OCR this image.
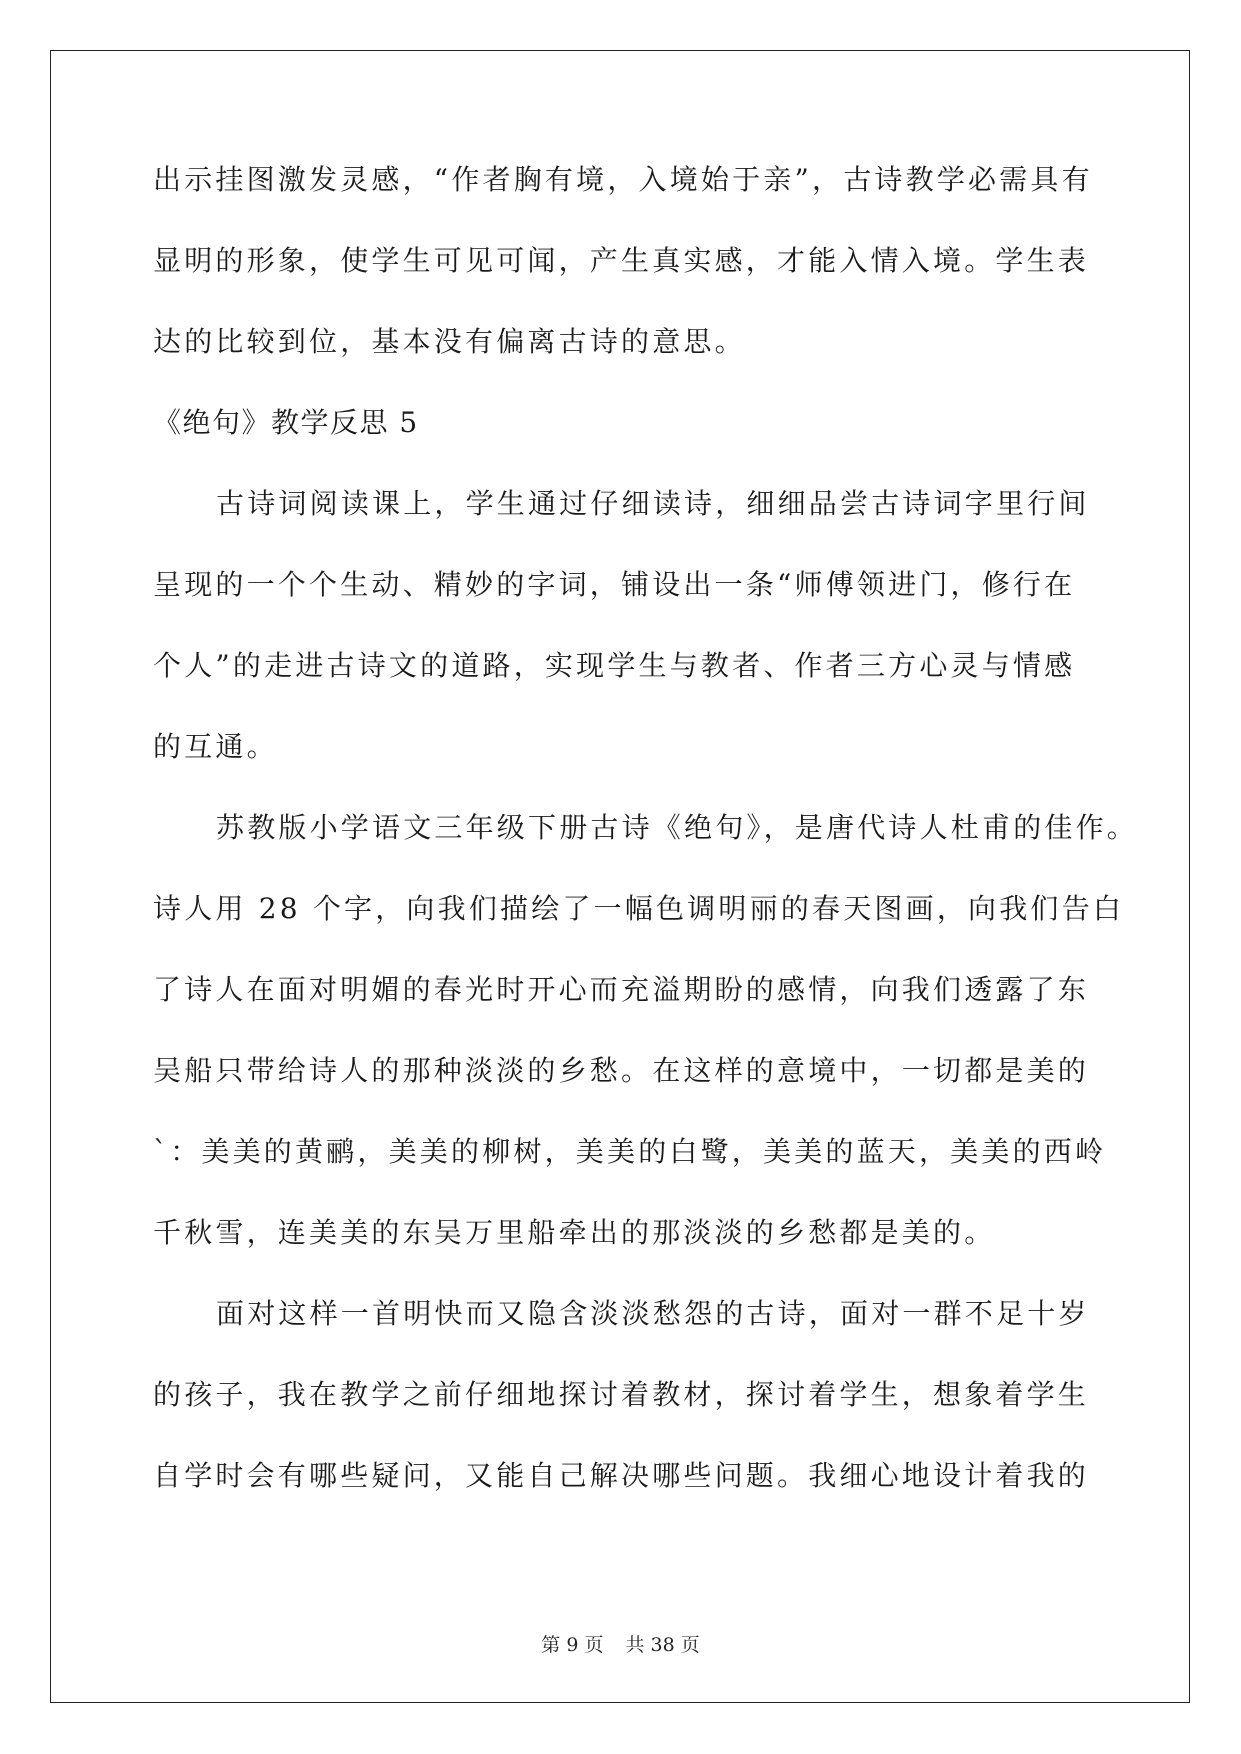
出示挂图激发灵感，“作者胸有境，入境始于亲”，古诗教学必需具有

显明的形象，使学生可见可闻，产生真实感，才能入情入境。学生表

达的比较到位，基本没有偏离古诗的意思。

《绝句》教学反思 5

古诗词阅读课上，学生通过仔细读诗，细细品尝古诗词字里行间

呈现的一个个生动、精妙的字词，铺设出一条“师傅领进门，修行在

个人”的走进古诗文的道路，实现学生与教者、作者三方心灵与情感

的互通。

苏教版小学语文三年级下册古诗《绝句》，是唐代诗人杜甫的佳作。

诗人用 28 个字，向我们描绘了一幅色调明丽的春天图画，向我们告白

了诗人在面对明媚的春光时开心而充溢期盼的感情，向我们透露了东

吴船只带给诗人的那种淡淡的乡愁。在这样的意境中，一切都是美的

`：美美的黄鹂，美美的柳树，美美的白鹭，美美的蓝天，美美的西岭

千秋雪，连美美的东吴万里船牵出的那淡淡的乡愁都是美的。

面对这样一首明快而又隐含淡淡愁怨的古诗，面对一群不足十岁

的孩子，我在教学之前仔细地探讨着教材，探讨着学生，想象着学生

自学时会有哪些疑问，又能自己解决哪些问题。我细心地设计着我的

第 9 页 共 38 页
